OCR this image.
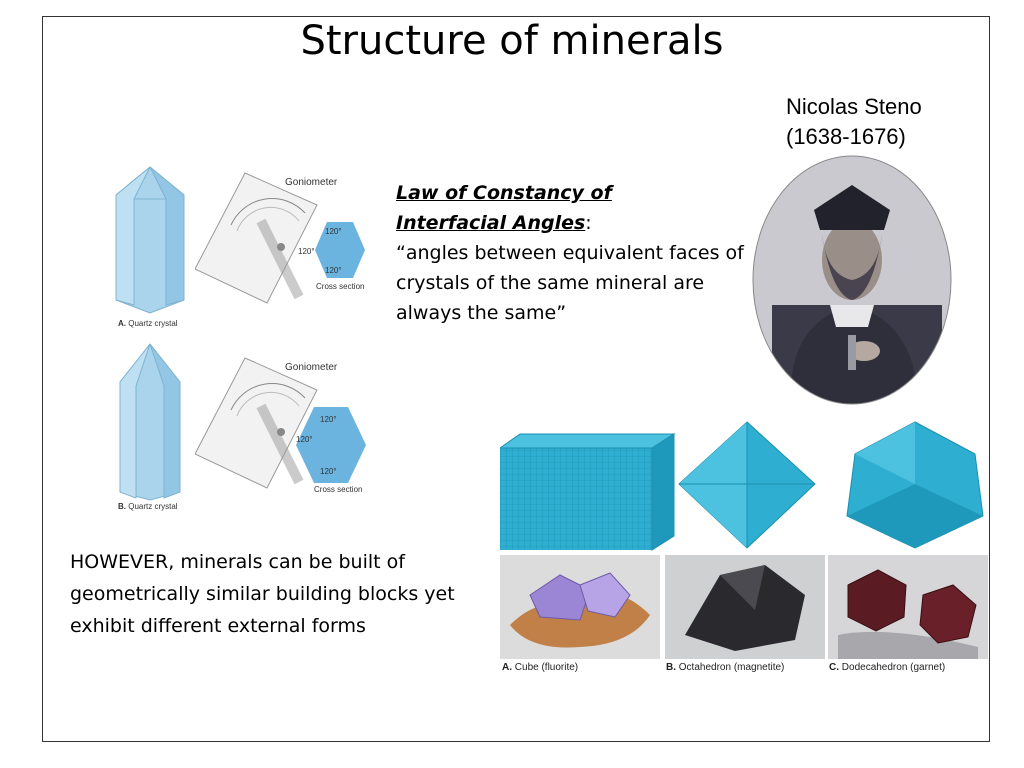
Structure of minerals
Nicolas Steno
(1638-1676)
Law of Constancy of
Interfacial Angles:
“angles between equivalent faces of crystals of the same mineral are always the same”
HOWEVER, minerals can be built of geometrically similar building blocks yet exhibit different external forms
A. Quartz crystal
Goniometer
120°
120°
120°
Cross section
B. Quartz crystal
Goniometer
120°
120°
120°
Cross section
A. Cube (fluorite)	B. Octahedron (magnetite)	C. Dodecahedron (garnet)
